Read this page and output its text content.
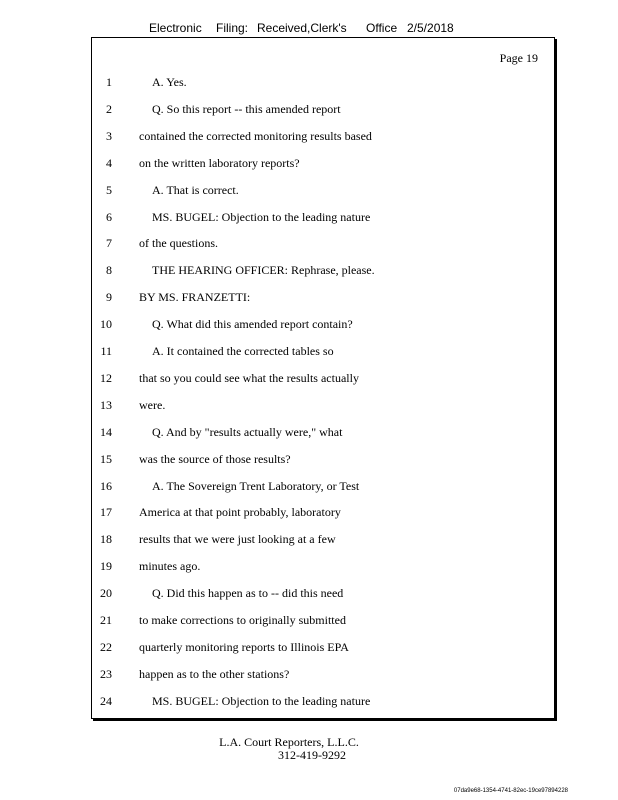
Electronic Filing: Received,Clerk's Office 2/5/2018
Page 19
1	A. Yes.
2	Q. So this report -- this amended report
3 contained the corrected monitoring results based
4 on the written laboratory reports?
5	A. That is correct.
6	MS. BUGEL: Objection to the leading nature
7 of the questions.
8	THE HEARING OFFICER: Rephrase, please.
9 BY MS. FRANZETTI:
10	Q. What did this amended report contain?
11	A. It contained the corrected tables so
12 that so you could see what the results actually
13 were.
14	Q. And by "results actually were," what
15 was the source of those results?
16	A. The Sovereign Trent Laboratory, or Test
17 America at that point probably, laboratory
18 results that we were just looking at a few
19 minutes ago.
20	Q. Did this happen as to -- did this need
21 to make corrections to originally submitted
22 quarterly monitoring reports to Illinois EPA
23 happen as to the other stations?
24	MS. BUGEL: Objection to the leading nature
L.A. Court Reporters, L.L.C.
312-419-9292
07da9e68-1354-4741-82ec-19ce97894228
